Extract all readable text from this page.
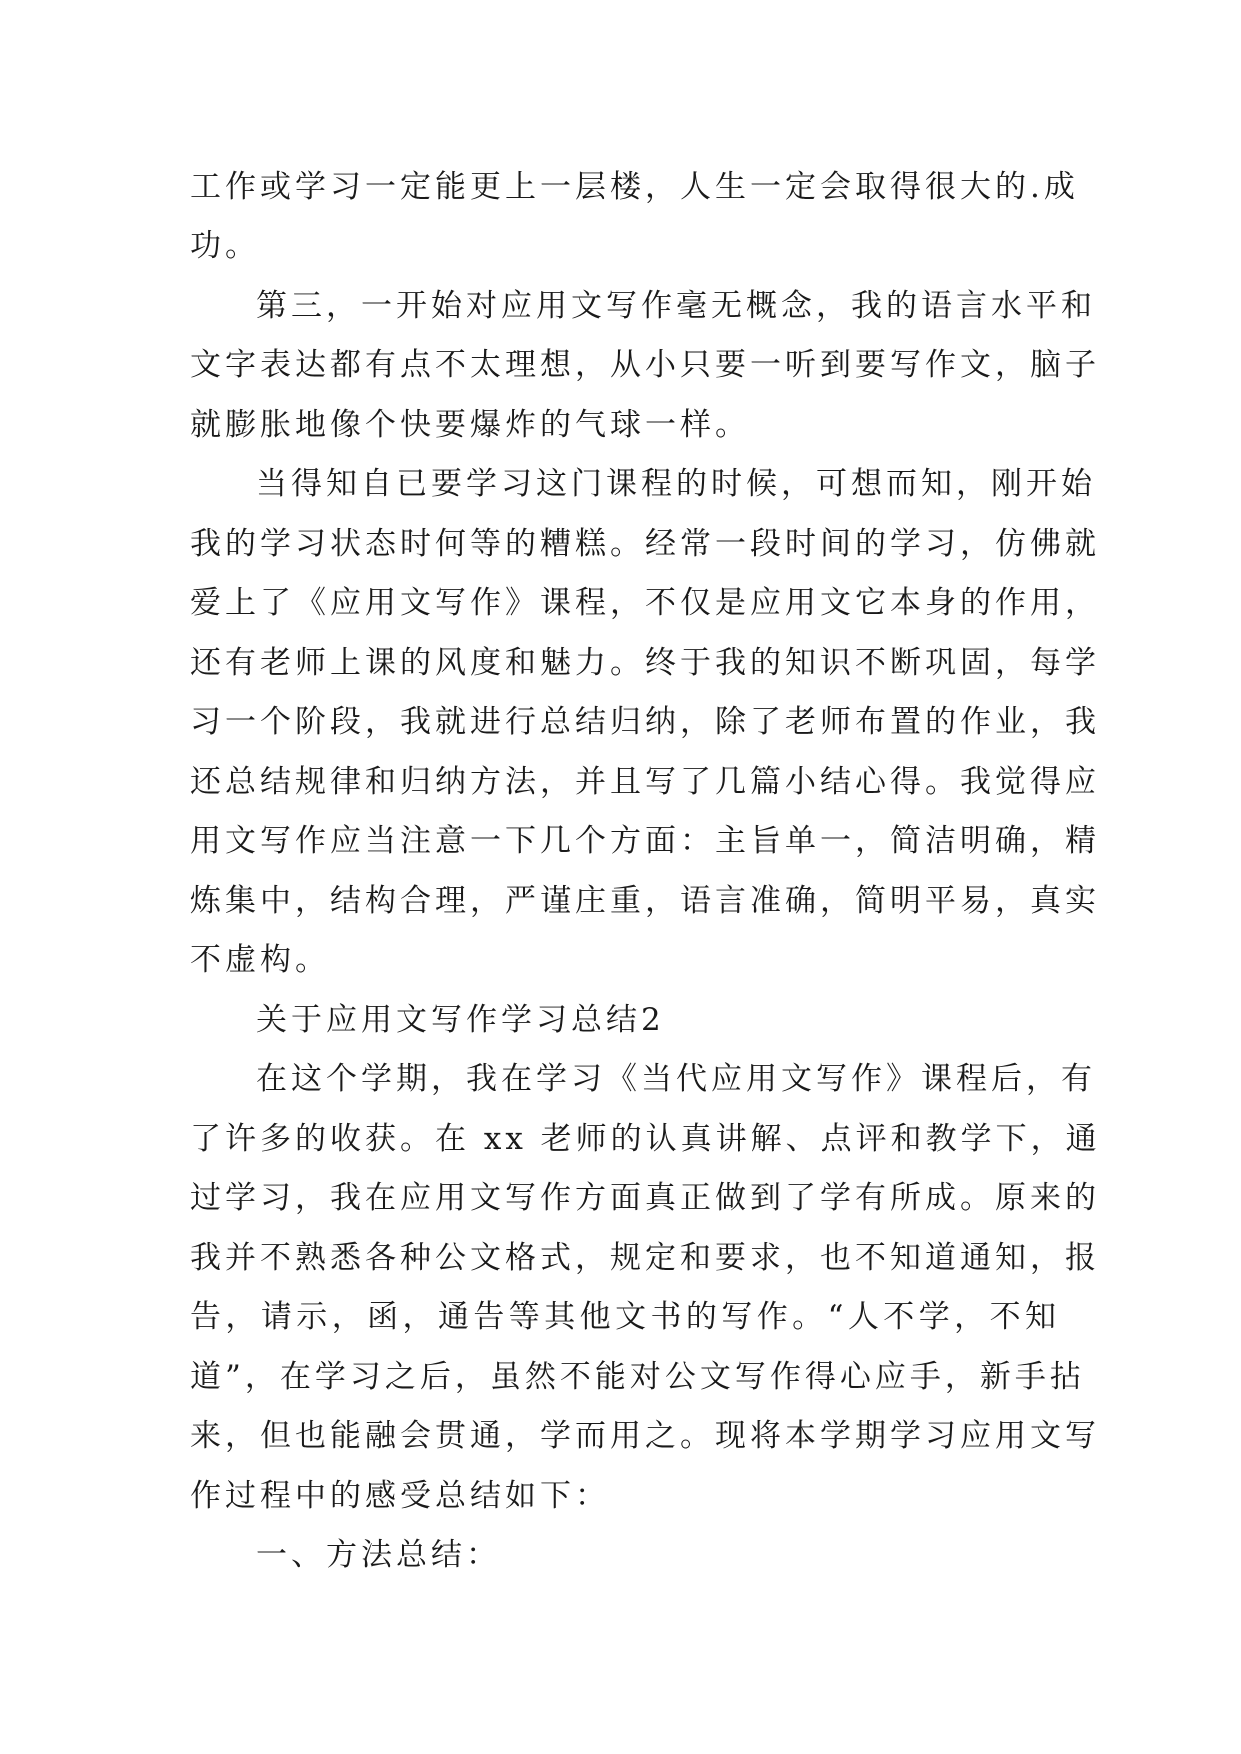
工作或学习一定能更上一层楼，人生一定会取得很大的.成
功。
第三，一开始对应用文写作毫无概念，我的语言水平和
文字表达都有点不太理想，从小只要一听到要写作文，脑子
就膨胀地像个快要爆炸的气球一样。
当得知自已要学习这门课程的时候，可想而知，刚开始
我的学习状态时何等的糟糕。经常一段时间的学习，仿佛就
爱上了《应用文写作》课程，不仅是应用文它本身的作用，
还有老师上课的风度和魅力。终于我的知识不断巩固，每学
习一个阶段，我就进行总结归纳，除了老师布置的作业，我
还总结规律和归纳方法，并且写了几篇小结心得。我觉得应
用文写作应当注意一下几个方面：主旨单一，简洁明确，精
炼集中，结构合理，严谨庄重，语言准确，简明平易，真实
不虚构。
关于应用文写作学习总结2
在这个学期，我在学习《当代应用文写作》课程后，有
了许多的收获。在 xx 老师的认真讲解、点评和教学下，通
过学习，我在应用文写作方面真正做到了学有所成。原来的
我并不熟悉各种公文格式，规定和要求，也不知道通知，报
告，请示，函，通告等其他文书的写作。“人不学，不知
道”，在学习之后，虽然不能对公文写作得心应手，新手拈
来，但也能融会贯通，学而用之。现将本学期学习应用文写
作过程中的感受总结如下：
一、方法总结：
